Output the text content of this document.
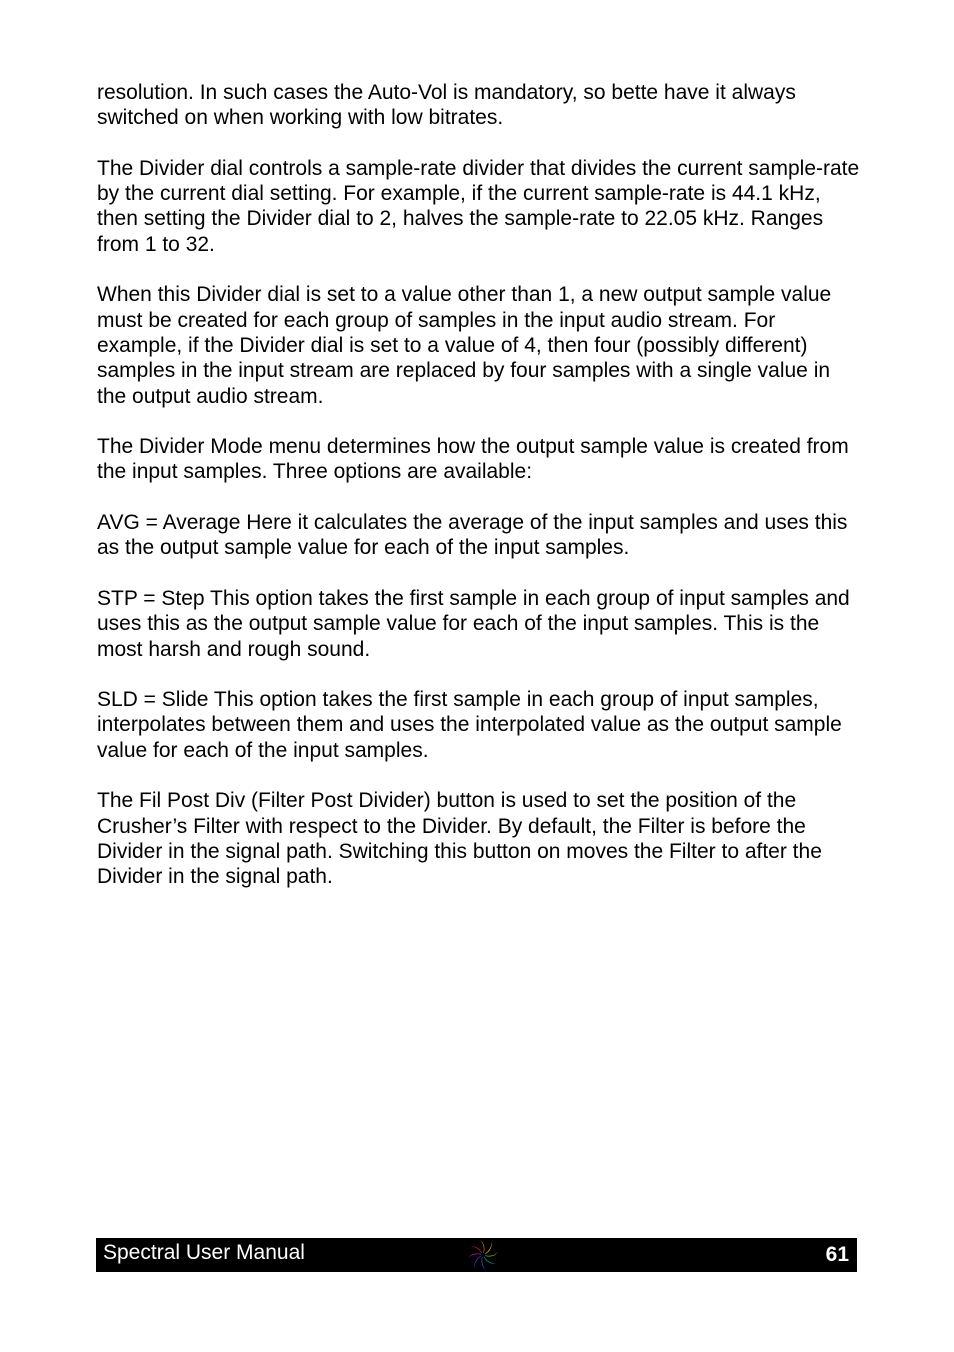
resolution. In such cases the Auto-Vol is mandatory, so bette have it always switched on when working with low bitrates.

The Divider dial controls a sample-rate divider that divides the current sample-rate by the current dial setting. For example, if the current sample-rate is 44.1 kHz, then setting the Divider dial to 2, halves the sample-rate to 22.05 kHz. Ranges from 1 to 32.

When this Divider dial is set to a value other than 1, a new output sample value must be created for each group of samples in the input audio stream. For example, if the Divider dial is set to a value of 4, then four (possibly different) samples in the input stream are replaced by four samples with a single value in the output audio stream.

The Divider Mode menu determines how the output sample value is created from the input samples. Three options are available:

AVG = Average Here it calculates the average of the input samples and uses this as the output sample value for each of the input samples.

STP = Step This option takes the first sample in each group of input samples and uses this as the output sample value for each of the input samples. This is the most harsh and rough sound.

SLD = Slide This option takes the first sample in each group of input samples, interpolates between them and uses the interpolated value as the output sample value for each of the input samples.

The Fil Post Div (Filter Post Divider) button is used to set the position of the Crusher’s Filter with respect to the Divider. By default, the Filter is before the Divider in the signal path. Switching this button on moves the Filter to after the Divider in the signal path.

Spectral User Manual	61
